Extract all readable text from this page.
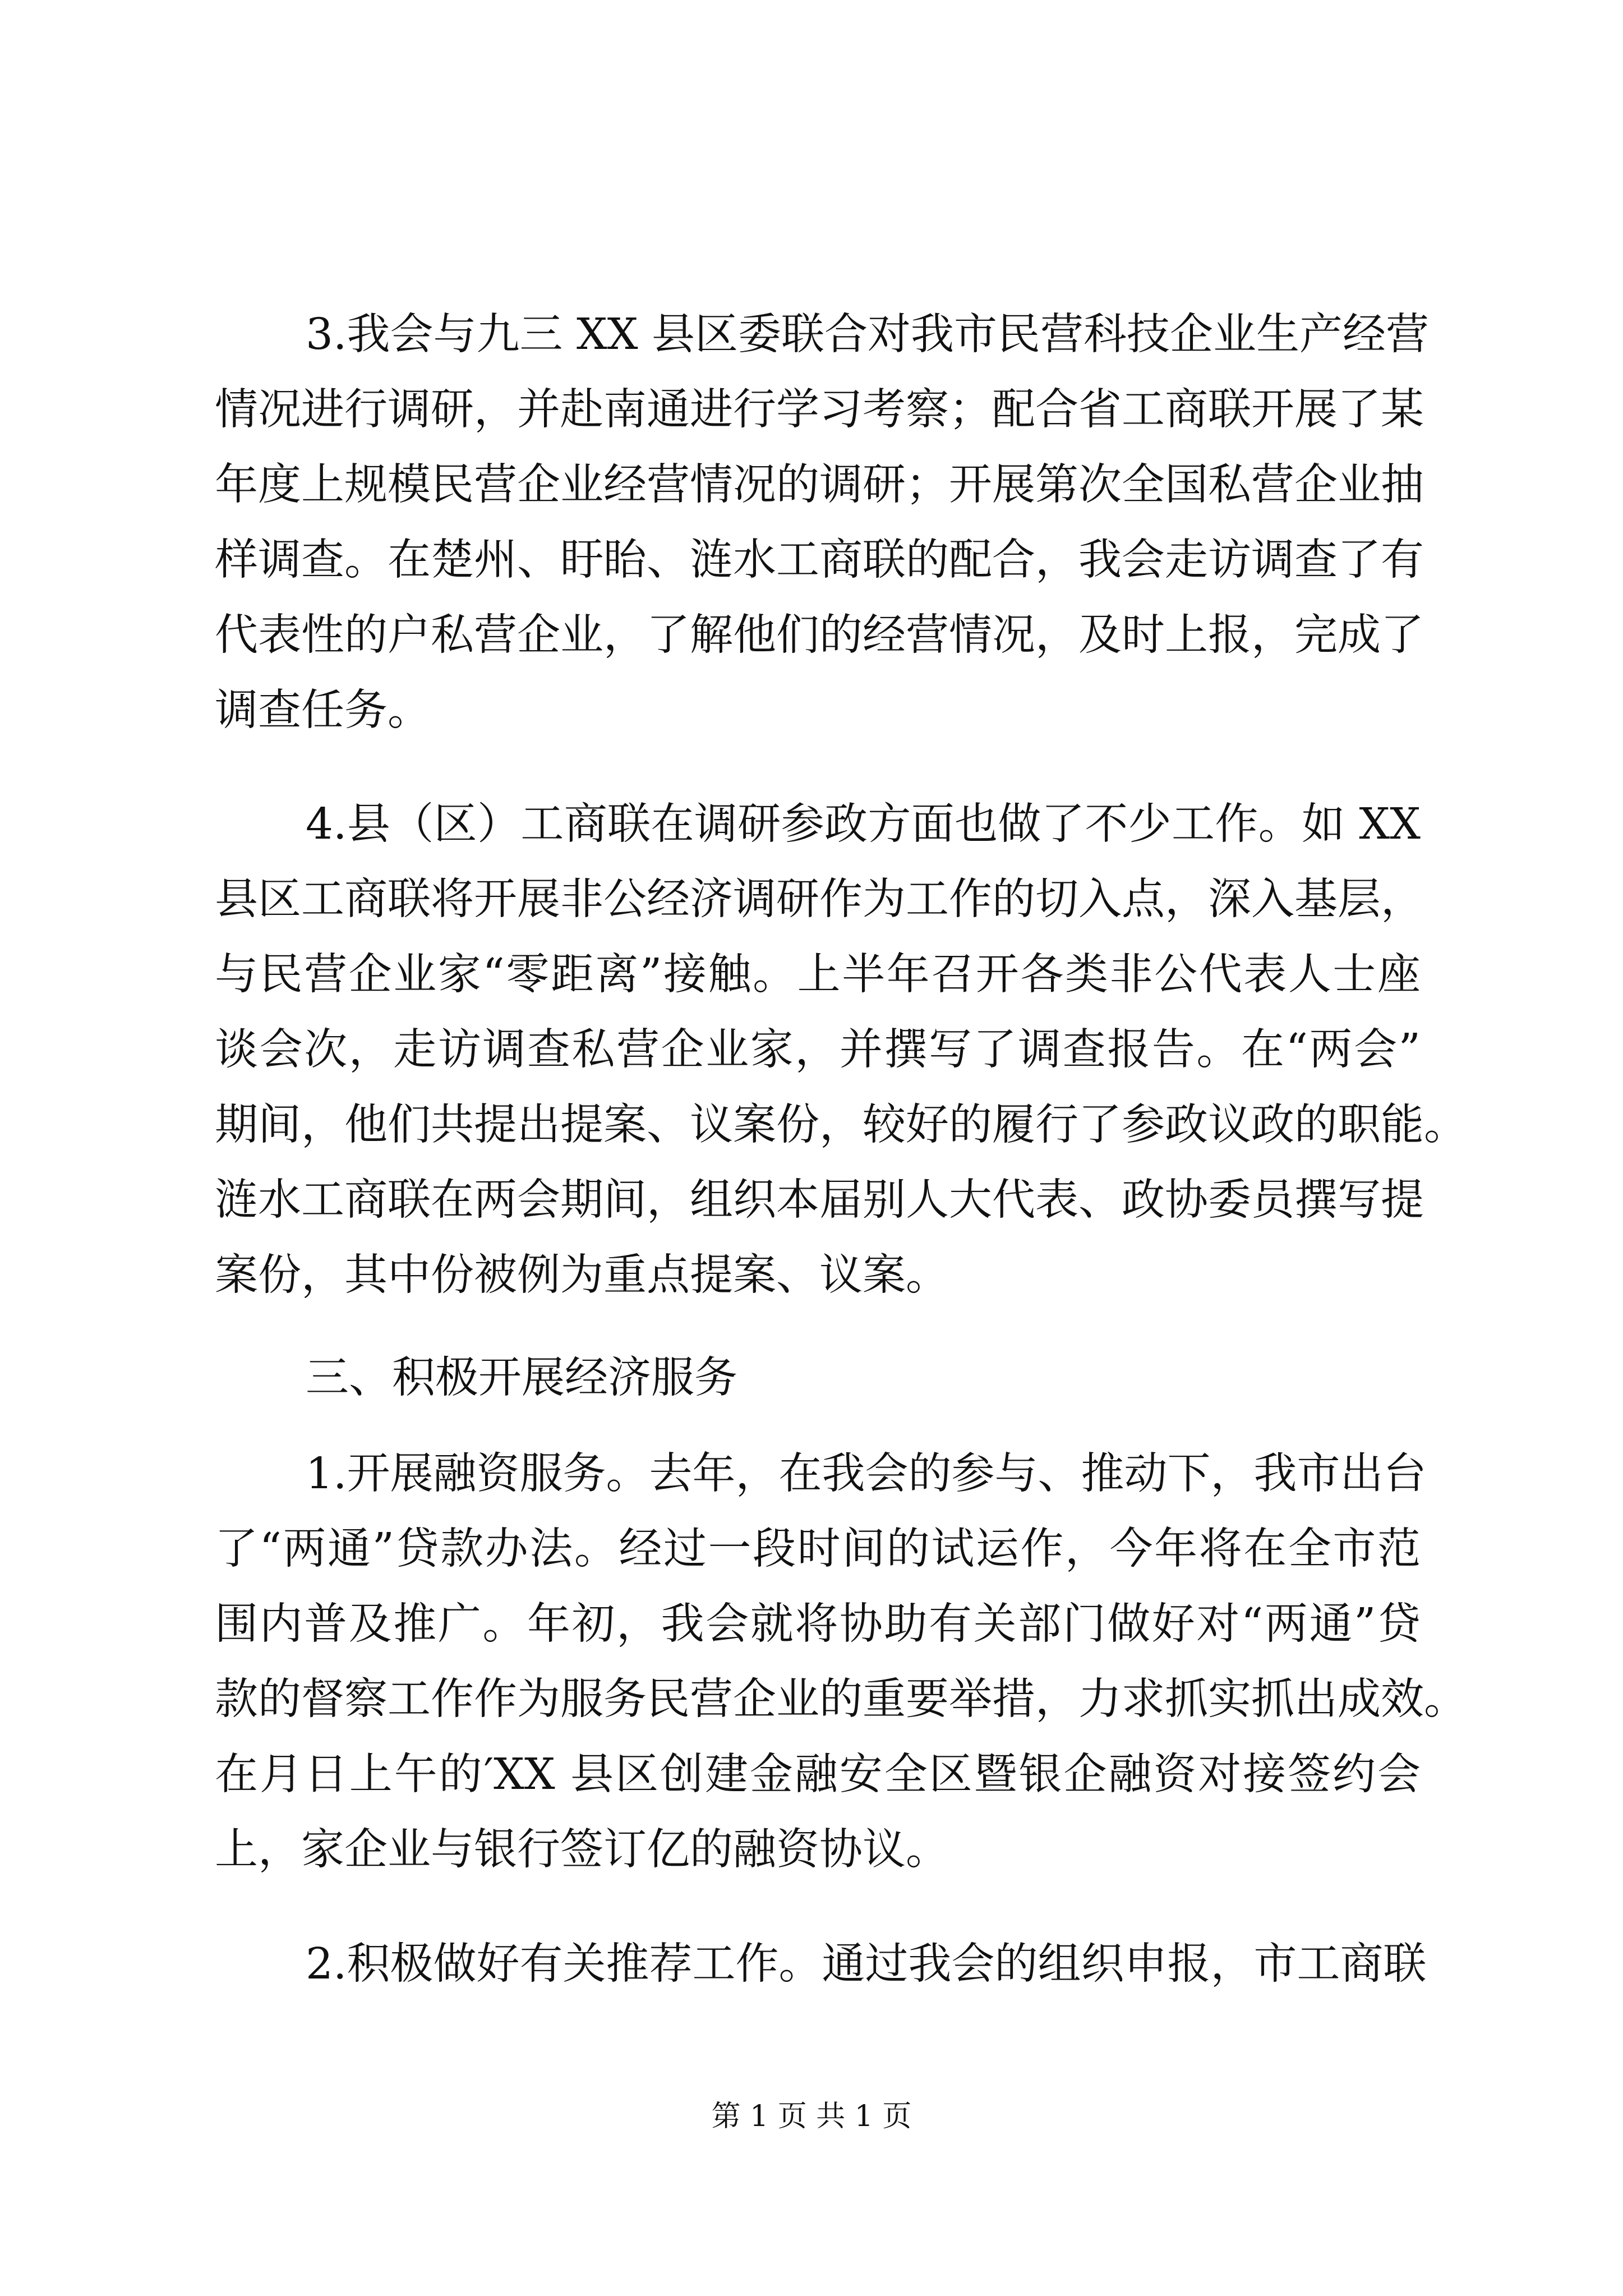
3.我会与九三 XX 县区委联合对我市民营科技企业生产经营
情况进行调研，并赴南通进行学习考察；配合省工商联开展了某
年度上规模民营企业经营情况的调研；开展第次全国私营企业抽
样调查。在楚州、盱眙、涟水工商联的配合，我会走访调查了有
代表性的户私营企业，了解他们的经营情况，及时上报，完成了
调查任务。
4.县（区）工商联在调研参政方面也做了不少工作。如 XX
县区工商联将开展非公经济调研作为工作的切入点，深入基层，
与民营企业家“零距离”接触。上半年召开各类非公代表人士座
谈会次，走访调查私营企业家，并撰写了调查报告。在“两会”
期间，他们共提出提案、议案份，较好的履行了参政议政的职能。
涟水工商联在两会期间，组织本届别人大代表、政协委员撰写提
案份，其中份被例为重点提案、议案。
三、积极开展经济服务
1.开展融资服务。去年，在我会的参与、推动下，我市出台
了“两通”贷款办法。经过一段时间的试运作，今年将在全市范
围内普及推广。年初，我会就将协助有关部门做好对“两通”贷
款的督察工作作为服务民营企业的重要举措，力求抓实抓出成效。
在月日上午的′XX 县区创建金融安全区暨银企融资对接签约会
上，家企业与银行签订亿的融资协议。
2.积极做好有关推荐工作。通过我会的组织申报，市工商联
第 1 页 共 1 页
